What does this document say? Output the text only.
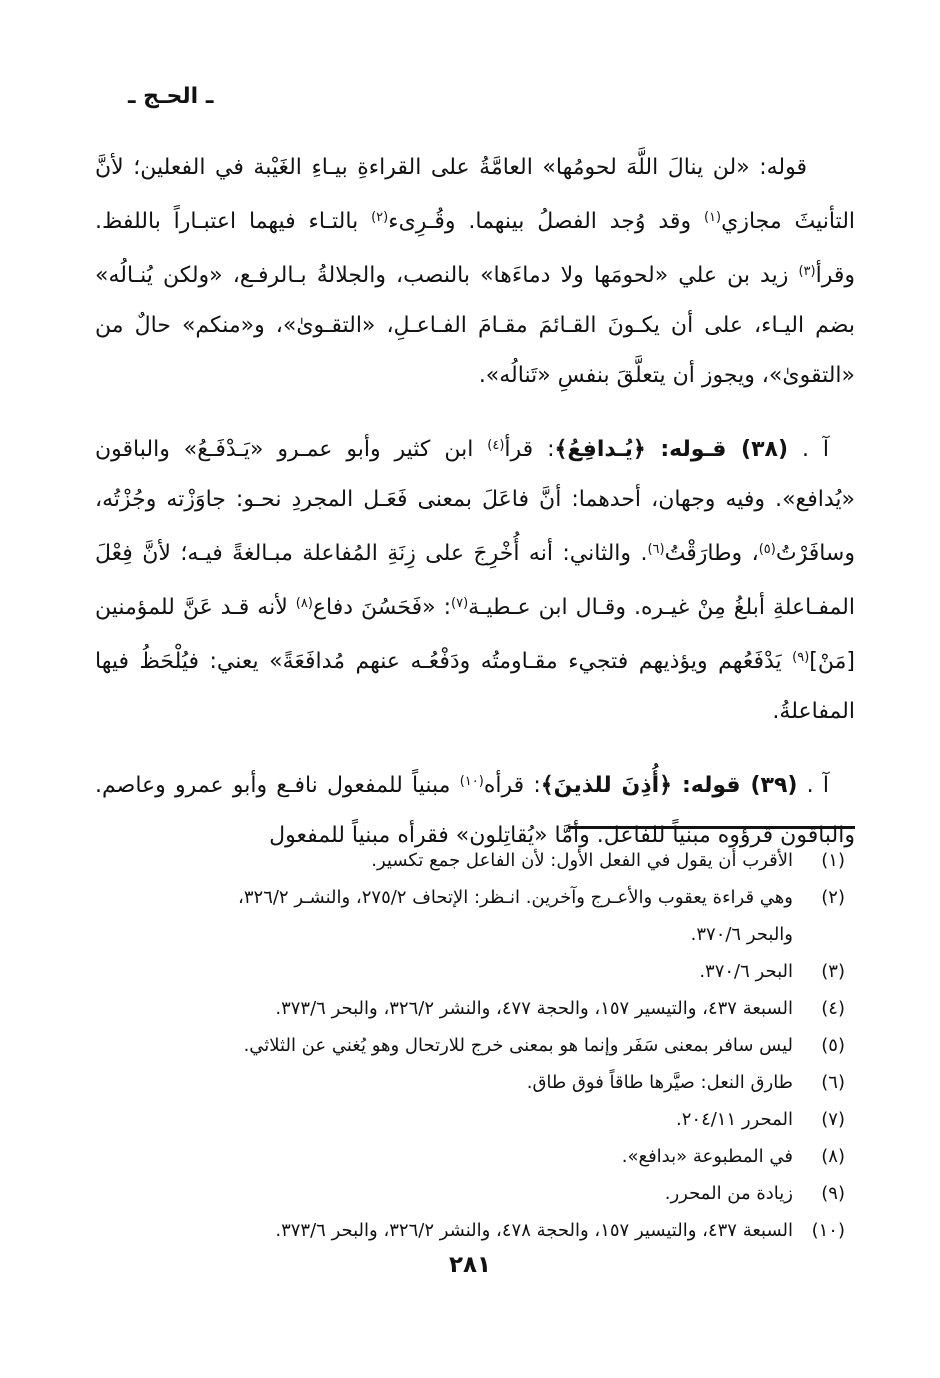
ـ الحـج ـ

قوله: «لن ينالَ اللَّهَ لحومُها» العامَّةُ على القراءةِ بيـاءِ الغَيْبة في الفعلين؛ لأنَّ التأنيثَ مجازي$^{(١)}$ وقد وُجد الفصلُ بينهما. وقُـرِىء$^{(٢)}$ بالتـاء فيهما اعتبـاراً باللفظ. وقرأ$^{(٣)}$ زيد بن علي «لحومَها ولا دماءَها» بالنصب، والجلالةُ بـالرفـع، «ولكن يُنـالُه» بضم اليـاء، على أن يكـونَ القـائمَ مقـامَ الفـاعـلِ، «التقـوىٰ»، و«منكم» حالٌ من «التقوىٰ»، ويجوز أن يتعلَّقَ بنفسِ «تَنالُه».

آ . (٣٨) قـوله: ﴿يُـدافِعُ﴾: قرأ$^{(٤)}$ ابن كثير وأبو عمـرو «يَـدْفَـعُ» والباقون «يُدافع». وفيه وجهان، أحدهما: أنَّ فاعَلَ بمعنى فَعَـل المجردِ نحـو: جاوَزْته وجُزْتُه، وسافَرْتُ$^{(٥)}$، وطارَقْتُ$^{(٦)}$. والثاني: أنه أُخْرِجَ على زِنَةِ المُفاعلة مبـالغةً فيـه؛ لأنَّ فِعْلَ المفـاعلةِ أبلغُ مِنْ غيـره. وقـال ابن عـطيـة$^{(٧)}$: «فَحَسُنَ دفاع$^{(٨)}$ لأنه قـد عَنَّ للمؤمنين [مَنْ]$^{(٩)}$ يَدْفَعُهم ويؤذيهم فتجيء مقـاومتُه ودَفْعُـه عنهم مُدافَعَةً» يعني: فيُلْحَظُ فيها المفاعلةُ.

آ . (٣٩) قوله: ﴿أُذِنَ للذينَ﴾: قرأه$^{(١٠)}$ مبنياً للمفعول نافـع وأبو عمرو وعاصم. والباقون قرؤوه مبنياً للفاعل. وأمَّا «يُقاتِلون» فقرأه مبنياً للمفعول

(١)
الأقرب أن يقول في الفعل الأول: لأن الفاعل جمع تكسير.
(٢)
وهي قراءة يعقوب والأعـرج وآخرين. انـظر: الإتحاف ٢٧٥/٢، والنشـر ٣٢٦/٢،
والبحر ٣٧٠/٦.
(٣)
البحر ٣٧٠/٦.
(٤)
السبعة ٤٣٧، والتيسير ١٥٧، والحجة ٤٧٧، والنشر ٣٢٦/٢، والبحر ٣٧٣/٦.
(٥)
ليس سافر بمعنى سَفَر وإنما هو بمعنى خرج للارتحال وهو يُغني عن الثلاثي.
(٦)
طارق النعل: صيَّرها طاقاً فوق طاق.
(٧)
المحرر ٢٠٤/١١.
(٨)
في المطبوعة «بدافع».
(٩)
زيادة من المحرر.
(١٠)
السبعة ٤٣٧، والتيسير ١٥٧، والحجة ٤٧٨، والنشر ٣٢٦/٢، والبحر ٣٧٣/٦.
٢٨١
